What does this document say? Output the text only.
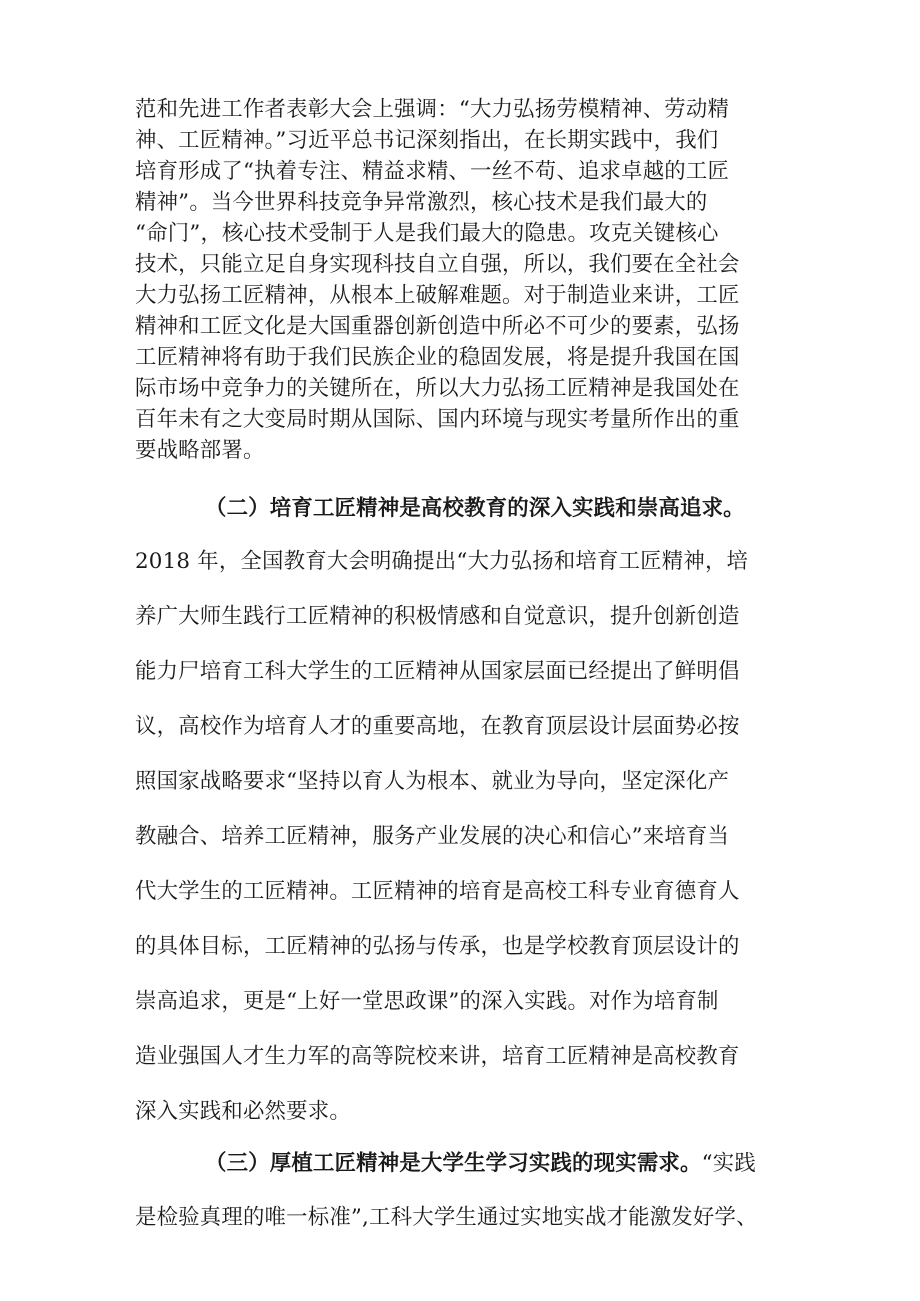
范和先进工作者表彰大会上强调：“大力弘扬劳模精神、劳动精
神、工匠精神。”习近平总书记深刻指出，在长期实践中，我们
培育形成了“执着专注、精益求精、一丝不苟、追求卓越的工匠
精神”。当今世界科技竞争异常激烈，核心技术是我们最大的
“命门”，核心技术受制于人是我们最大的隐患。攻克关键核心
技术，只能立足自身实现科技自立自强，所以，我们要在全社会
大力弘扬工匠精神，从根本上破解难题。对于制造业来讲，工匠
精神和工匠文化是大国重器创新创造中所必不可少的要素，弘扬
工匠精神将有助于我们民族企业的稳固发展，将是提升我国在国
际市场中竞争力的关键所在，所以大力弘扬工匠精神是我国处在
百年未有之大变局时期从国际、国内环境与现实考量所作出的重
要战略部署。
（二）培育工匠精神是高校教育的深入实践和崇高追求。
2018 年，全国教育大会明确提出“大力弘扬和培育工匠精神，培
养广大师生践行工匠精神的积极情感和自觉意识，提升创新创造
能力尸培育工科大学生的工匠精神从国家层面已经提出了鲜明倡
议，高校作为培育人才的重要高地，在教育顶层设计层面势必按
照国家战略要求“坚持以育人为根本、就业为导向，坚定深化产
教融合、培养工匠精神，服务产业发展的决心和信心”来培育当
代大学生的工匠精神。工匠精神的培育是高校工科专业育德育人
的具体目标，工匠精神的弘扬与传承，也是学校教育顶层设计的
崇高追求，更是“上好一堂思政课”的深入实践。对作为培育制
造业强国人才生力军的高等院校来讲，培育工匠精神是高校教育
深入实践和必然要求。
（三）厚植工匠精神是大学生学习实践的现实需求。“实践
是检验真理的唯一标准”,工科大学生通过实地实战才能激发好学、
